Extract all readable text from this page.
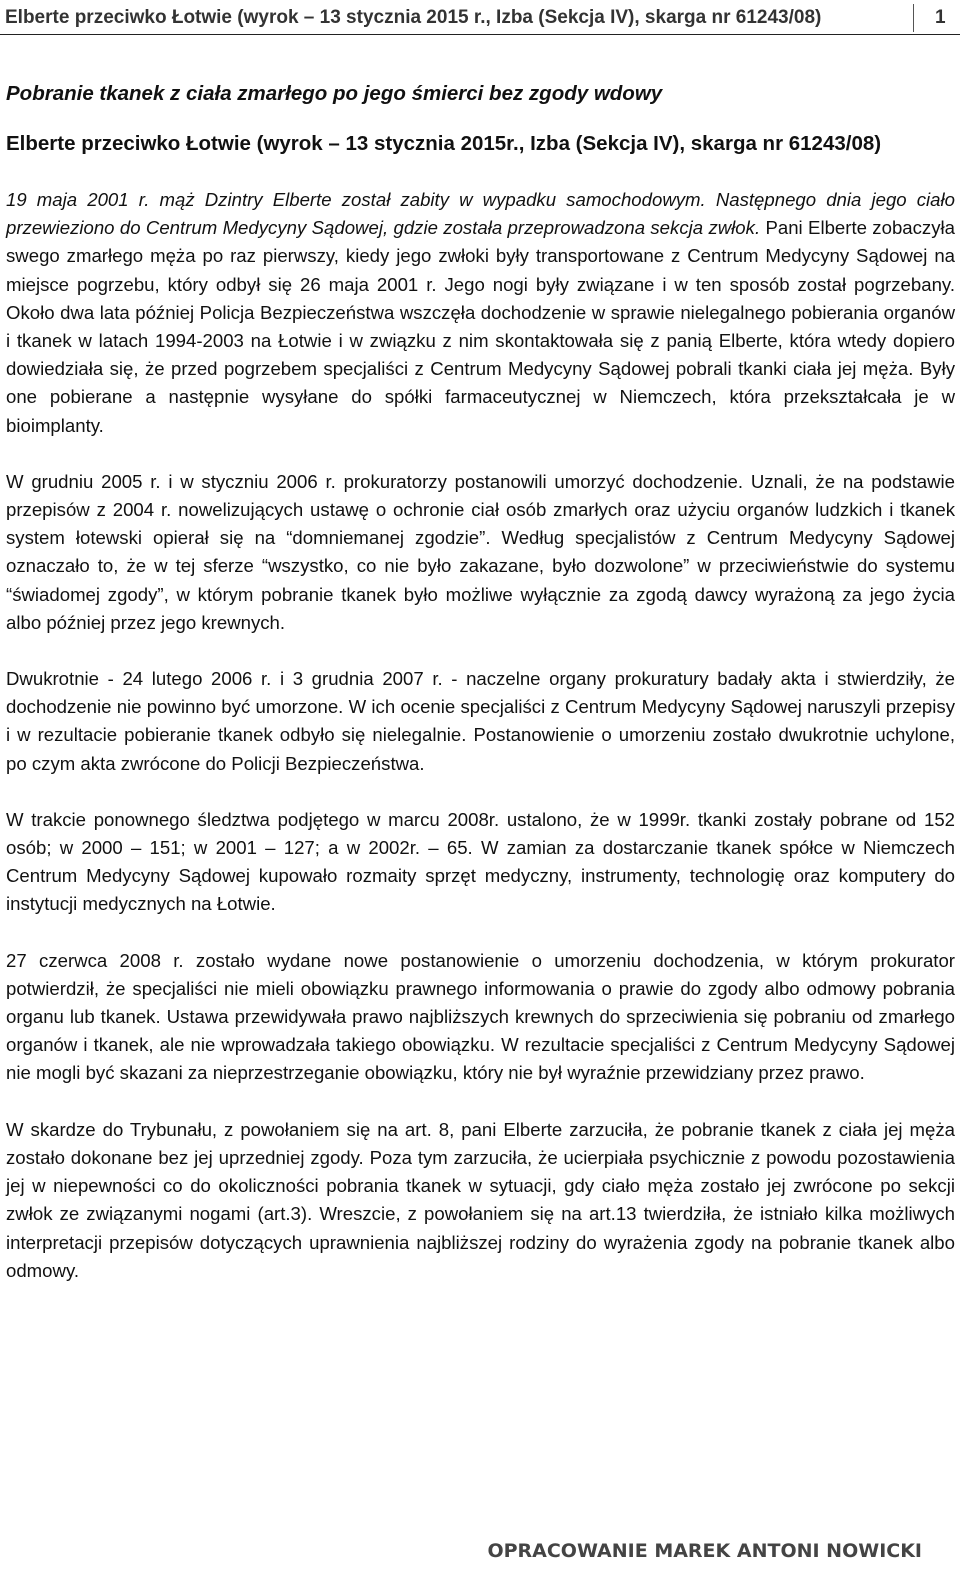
Elberte przeciwko Łotwie (wyrok – 13 stycznia 2015 r., Izba (Sekcja IV), skarga nr 61243/08)	1

Pobranie tkanek z ciała zmarłego po jego śmierci bez zgody wdowy

Elberte przeciwko Łotwie (wyrok – 13 stycznia 2015r., Izba (Sekcja IV), skarga nr 61243/08)

19 maja 2001 r. mąż Dzintry Elberte został zabity w wypadku samochodowym. Następnego dnia jego ciało przewieziono do Centrum Medycyny Sądowej, gdzie została przeprowadzona sekcja zwłok. Pani Elberte zobaczyła swego zmarłego męża po raz pierwszy, kiedy jego zwłoki były transportowane z Centrum Medycyny Sądowej na miejsce pogrzebu, który odbył się 26 maja 2001 r. Jego nogi były związane i w ten sposób został pogrzebany. Około dwa lata później Policja Bezpieczeństwa wszczęła dochodzenie w sprawie nielegalnego pobierania organów i tkanek w latach 1994-2003 na Łotwie i w związku z nim skontaktowała się z panią Elberte, która wtedy dopiero dowiedziała się, że przed pogrzebem specjaliści z Centrum Medycyny Sądowej pobrali tkanki ciała jej męża. Były one pobierane a następnie wysyłane do spółki farmaceutycznej w Niemczech, która przekształcała je w bioimplanty.

W grudniu 2005 r. i w styczniu 2006 r. prokuratorzy postanowili umorzyć dochodzenie. Uznali, że na podstawie przepisów z 2004 r. nowelizujących ustawę o ochronie ciał osób zmarłych oraz użyciu organów ludzkich i tkanek system łotewski opierał się na “domniemanej zgodzie”. Według specjalistów z Centrum Medycyny Sądowej oznaczało to, że w tej sferze “wszystko, co nie było zakazane, było dozwolone” w przeciwieństwie do systemu “świadomej zgody”, w którym pobranie tkanek było możliwe wyłącznie za zgodą dawcy wyrażoną za jego życia albo później przez jego krewnych.

Dwukrotnie - 24 lutego 2006 r. i 3 grudnia 2007 r. - naczelne organy prokuratury badały akta i stwierdziły, że dochodzenie nie powinno być umorzone. W ich ocenie specjaliści z Centrum Medycyny Sądowej naruszyli przepisy i w rezultacie pobieranie tkanek odbyło się nielegalnie. Postanowienie o umorzeniu zostało dwukrotnie uchylone, po czym akta zwrócone do Policji Bezpieczeństwa.

W trakcie ponownego śledztwa podjętego w marcu 2008r. ustalono, że w 1999r. tkanki zostały pobrane od 152 osób; w 2000 – 151; w 2001 – 127; a w 2002r. – 65. W zamian za dostarczanie tkanek spółce w Niemczech Centrum Medycyny Sądowej kupowało rozmaity sprzęt medyczny, instrumenty, technologię oraz komputery do instytucji medycznych na Łotwie.

27 czerwca 2008 r. zostało wydane nowe postanowienie o umorzeniu dochodzenia, w którym prokurator potwierdził, że specjaliści nie mieli obowiązku prawnego informowania o prawie do zgody albo odmowy pobrania organu lub tkanek. Ustawa przewidywała prawo najbliższych krewnych do sprzeciwienia się pobraniu od zmarłego organów i tkanek, ale nie wprowadzała takiego obowiązku. W rezultacie specjaliści z Centrum Medycyny Sądowej nie mogli być skazani za nieprzestrzeganie obowiązku, który nie był wyraźnie przewidziany przez prawo.

W skardze do Trybunału, z powołaniem się na art. 8, pani Elberte zarzuciła, że pobranie tkanek z ciała jej męża zostało dokonane bez jej uprzedniej zgody. Poza tym zarzuciła, że ucierpiała psychicznie z powodu pozostawienia jej w niepewności co do okoliczności pobrania tkanek w sytuacji, gdy ciało męża zostało jej zwrócone po sekcji zwłok ze związanymi nogami (art.3). Wreszcie, z powołaniem się na art.13 twierdziła, że istniało kilka możliwych interpretacji przepisów dotyczących uprawnienia najbliższej rodziny do wyrażenia zgody na pobranie tkanek albo odmowy.

OPRACOWANIE MAREK ANTONI NOWICKI
